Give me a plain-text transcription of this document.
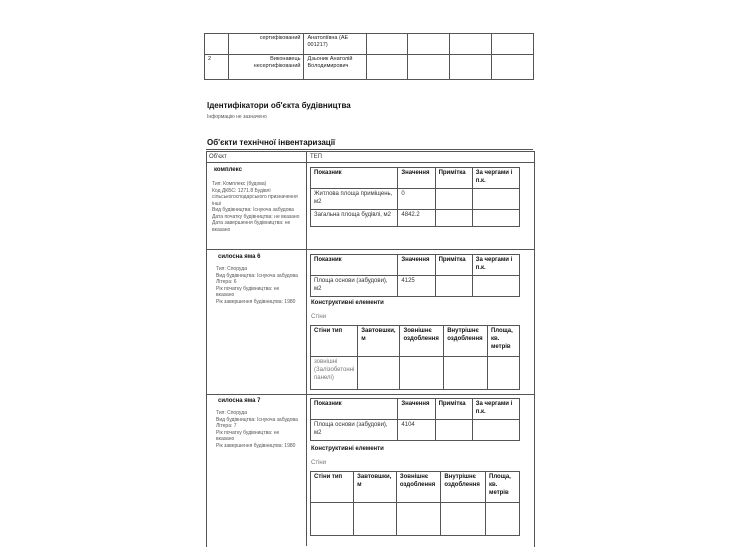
	сертифікований	Анатоліївна (АЕ 001217)				
2	Виконавець несертифікований	Дзьоник Анатолій Володимирович				
Ідентифікатори об'єкта будівництва
Інформацію не зазначено
Об'єкти технічної інвентаризації
Об'єкт	ТЕП
комплекс
Тип: Комплекс (будова)
Код ДКБС: 1271.8 Будівлі
сільськогосподарського призначення
інші
Вид будівництва: Існуюча забудова
Дата початку будівництва: не вказано
Дата завершення будівництва: не
вказано
Показник	Значення	Примітка	За чергами і п.к.
Житлова площа приміщень, м2	0		
Загальна площа будівлі, м2	4842.2		
силосна яма 6
Тип: Споруда
Вид будівництва: Існуюча забудова
Літера: 6
Рік початку будівництва: не
вказано
Рік завершення будівництва: 1980
Показник	Значення	Примітка	За чергами і п.к.
Площа основи (забудови), м2	4125		
Конструктивні елементи
Стіни
Стіни тип	Завтовшки, м	Зовнішнє оздоблення	Внутрішнє оздоблення	Площа, кв. метрів
зовнішні (Залізобетонні панелі)				
силосна яма 7
Тип: Споруда
Вид будівництва: Існуюча забудова
Літера: 7
Рік початку будівництва: не
вказано
Рік завершення будівництва: 1980
Показник	Значення	Примітка	За чергами і п.к.
Площа основи (забудови), м2	4104		
Конструктивні елементи
Стіни
Стіни тип	Завтовшки, м	Зовнішнє оздоблення	Внутрішнє оздоблення	Площа, кв. метрів
